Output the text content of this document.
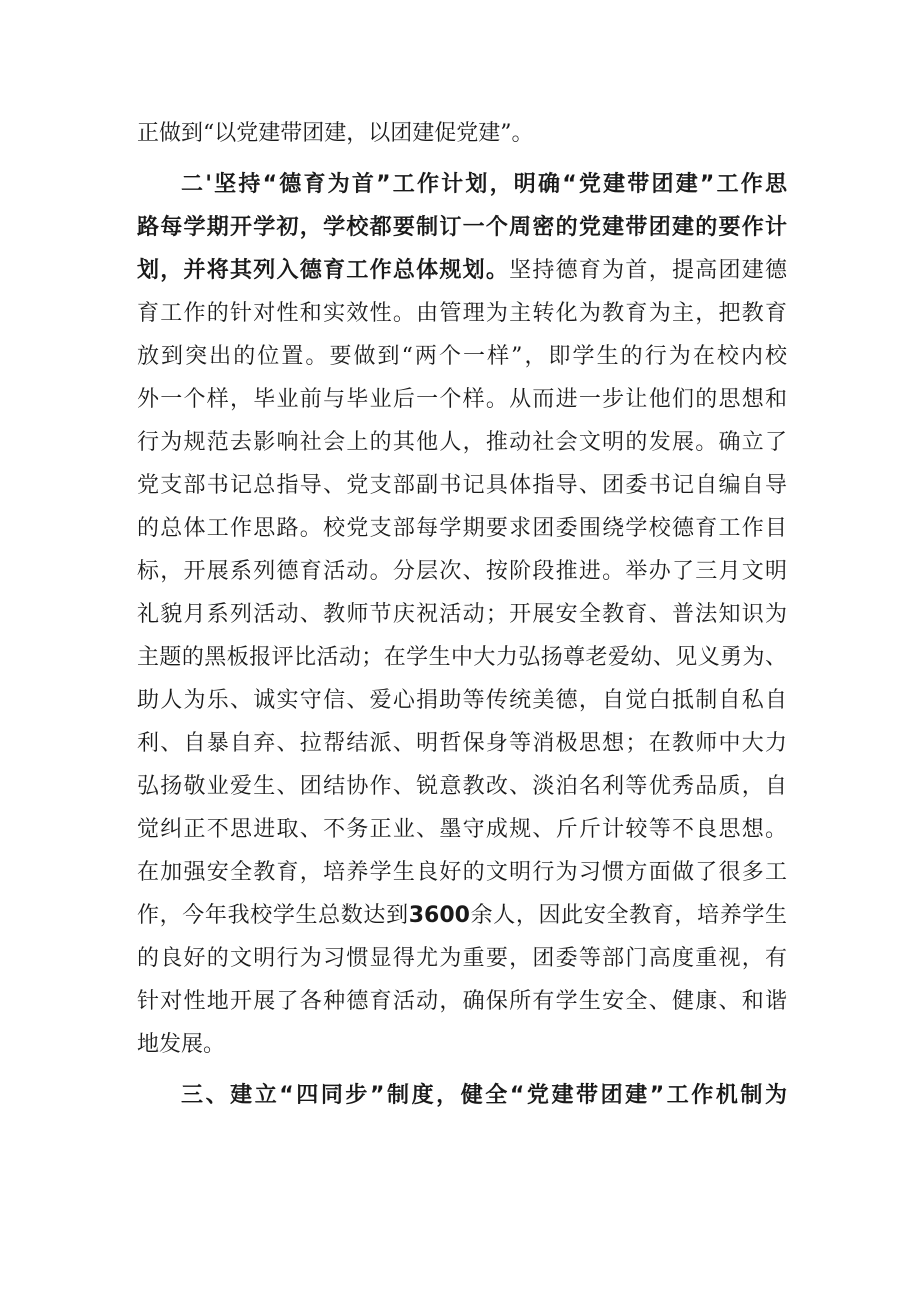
正做到“以党建带团建，以团建促党建”。
二'坚持“德育为首”工作计划，明确“党建带团建”工作思
路每学期开学初，学校都要制订一个周密的党建带团建的要作计
划，并将其列入德育工作总体规划。坚持德育为首，提高团建德
育工作的针对性和实效性。由管理为主转化为教育为主，把教育
放到突出的位置。要做到“两个一样”，即学生的行为在校内校
外一个样，毕业前与毕业后一个样。从而进一步让他们的思想和
行为规范去影响社会上的其他人，推动社会文明的发展。确立了
党支部书记总指导、党支部副书记具体指导、团委书记自编自导
的总体工作思路。校党支部每学期要求团委围绕学校德育工作目
标，开展系列德育活动。分层次、按阶段推进。举办了三月文明
礼貌月系列活动、教师节庆祝活动；开展安全教育、普法知识为
主题的黑板报评比活动；在学生中大力弘扬尊老爱幼、见义勇为、
助人为乐、诚实守信、爱心捐助等传统美德，自觉白抵制自私自
利、自暴自弃、拉帮结派、明哲保身等消极思想；在教师中大力
弘扬敬业爱生、团结协作、锐意教改、淡泊名利等优秀品质，自
觉纠正不思进取、不务正业、墨守成规、斤斤计较等不良思想。
在加强安全教育，培养学生良好的文明行为习惯方面做了很多工
作，今年我校学生总数达到3600余人，因此安全教育，培养学生
的良好的文明行为习惯显得尤为重要，团委等部门高度重视，有
针对性地开展了各种德育活动，确保所有学生安全、健康、和谐
地发展。
三、建立“四同步”制度，健全“党建带团建”工作机制为
